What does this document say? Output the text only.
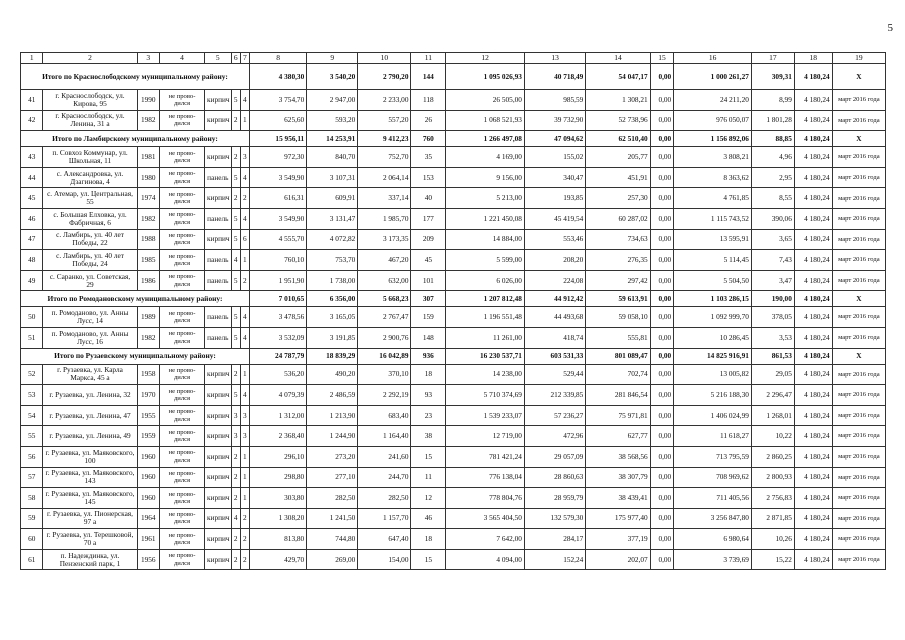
5
1	2	3	4	5	6	7	8	9	10	11	12	13	14	15	16	17	18	19
Итого по Краснослободскому муниципальному району:							4 380,30	3 540,20	2 790,20	144	1 095 026,93	40 718,49	54 047,17	0,00	1 000 261,27	309,31	4 180,24	Х
41	г. Краснослободск, ул. Кирова, 95	1990	не прово- дился	кирпич	5	4	3 754,70	2 947,00	2 233,00	118	26 505,00	985,59	1 308,21	0,00	24 211,20	8,99	4 180,24	март 2016 года
42	г. Краснослободск, ул. Ленина, 31 а	1982	не прово- дился	кирпич	2	1	625,60	593,20	557,20	26	1 068 521,93	39 732,90	52 738,96	0,00	976 050,07	1 801,28	4 180,24	март 2016 года
Итого по Ламбирскому муниципальному району:							15 956,11	14 253,91	9 412,23	760	1 266 497,08	47 094,62	62 510,40	0,00	1 156 892,06	88,85	4 180,24	Х
43	п. Совхоз Коммунар, ул. Школьная, 11	1981	не прово- дился	кирпич	2	3	972,30	840,70	752,70	35	4 169,00	155,02	205,77	0,00	3 808,21	4,96	4 180,24	март 2016 года
44	с. Александровка, ул. Дзагинова, 4	1980	не прово- дился	панель	5	4	3 549,90	3 107,31	2 064,14	153	9 156,00	340,47	451,91	0,00	8 363,62	2,95	4 180,24	март 2016 года
45	с. Атемар, ул. Центральная, 55	1974	не прово- дился	кирпич	2	2	616,31	609,91	337,14	40	5 213,00	193,85	257,30	0,00	4 761,85	8,55	4 180,24	март 2016 года
46	с. Большая Елховка, ул. Фабричная, 6	1982	не прово- дился	панель	5	4	3 549,90	3 131,47	1 985,70	177	1 221 450,08	45 419,54	60 287,02	0,00	1 115 743,52	390,06	4 180,24	март 2016 года
47	с. Ламбирь, ул. 40 лет Победы, 22	1988	не прово- дился	кирпич	5	6	4 555,70	4 072,82	3 173,35	209	14 884,00	553,46	734,63	0,00	13 595,91	3,65	4 180,24	март 2016 года
48	с. Ламбирь, ул. 40 лет Победы, 24	1985	не прово- дился	панель	4	1	760,10	753,70	467,20	45	5 599,00	208,20	276,35	0,00	5 114,45	7,43	4 180,24	март 2016 года
49	с. Саранко, ул. Советская, 29	1986	не прово- дился	панель	5	2	1 951,90	1 738,00	632,00	101	6 026,00	224,08	297,42	0,00	5 504,50	3,47	4 180,24	март 2016 года
Итого по Ромодановскому муниципальному району:							7 010,65	6 356,00	5 668,23	307	1 207 812,48	44 912,42	59 613,91	0,00	1 103 286,15	190,00	4 180,24	Х
50	п. Ромоданово, ул. Анны Лусс, 14	1989	не прово- дился	панель	5	4	3 478,56	3 165,05	2 767,47	159	1 196 551,48	44 493,68	59 058,10	0,00	1 092 999,70	378,05	4 180,24	март 2016 года
51	п. Ромоданово, ул. Анны Лусс, 16	1982	не прово- дился	панель	5	4	3 532,09	3 191,85	2 900,76	148	11 261,00	418,74	555,81	0,00	10 286,45	3,53	4 180,24	март 2016 года
Итого по Рузаевскому муниципальному району:							24 787,79	18 839,29	16 042,89	936	16 230 537,71	603 531,33	801 089,47	0,00	14 825 916,91	861,53	4 180,24	Х
52	г. Рузаевка, ул. Карла Маркса, 45 а	1958	не прово- дился	кирпич	2	1	536,20	490,20	370,10	18	14 238,00	529,44	702,74	0,00	13 005,82	29,05	4 180,24	март 2016 года
53	г. Рузаевка, ул. Ленина, 32	1970	не прово- дился	кирпич	5	4	4 079,39	2 486,59	2 292,19	93	5 710 374,69	212 339,85	281 846,54	0,00	5 216 188,30	2 296,47	4 180,24	март 2016 года
54	г. Рузаевка, ул. Ленина, 47	1955	не прово- дился	кирпич	3	3	1 312,00	1 213,90	683,40	23	1 539 233,07	57 236,27	75 971,81	0,00	1 406 024,99	1 268,01	4 180,24	март 2016 года
55	г. Рузаевка, ул. Ленина, 49	1959	не прово- дился	кирпич	3	3	2 368,40	1 244,90	1 164,40	38	12 719,00	472,96	627,77	0,00	11 618,27	10,22	4 180,24	март 2016 года
56	г. Рузаевка, ул. Маяковского, 100	1960	не прово- дился	кирпич	2	1	296,10	273,20	241,60	15	781 421,24	29 057,09	38 568,56	0,00	713 795,59	2 860,25	4 180,24	март 2016 года
57	г. Рузаевка, ул. Маяковского, 143	1960	не прово- дился	кирпич	2	1	298,80	277,10	244,70	11	776 138,04	28 860,63	38 307,79	0,00	708 969,62	2 800,93	4 180,24	март 2016 года
58	г. Рузаевка, ул. Маяковского, 145	1960	не прово- дился	кирпич	2	1	303,80	282,50	282,50	12	778 804,76	28 959,79	38 439,41	0,00	711 405,56	2 756,83	4 180,24	март 2016 года
59	г. Рузаевка, ул. Пионерская, 97 а	1964	не прово- дился	кирпич	4	2	1 308,20	1 241,50	1 157,70	46	3 565 404,50	132 579,30	175 977,40	0,00	3 256 847,80	2 871,85	4 180,24	март 2016 года
60	г. Рузаевка, ул. Терешковой, 70 а	1961	не прово- дился	кирпич	2	2	813,80	744,80	647,40	18	7 642,00	284,17	377,19	0,00	6 980,64	10,26	4 180,24	март 2016 года
61	п. Надеждинка, ул. Пензенский парк, 1	1956	не прово- дился	кирпич	2	2	429,70	269,00	154,00	15	4 094,00	152,24	202,07	0,00	3 739,69	15,22	4 180,24	март 2016 года
